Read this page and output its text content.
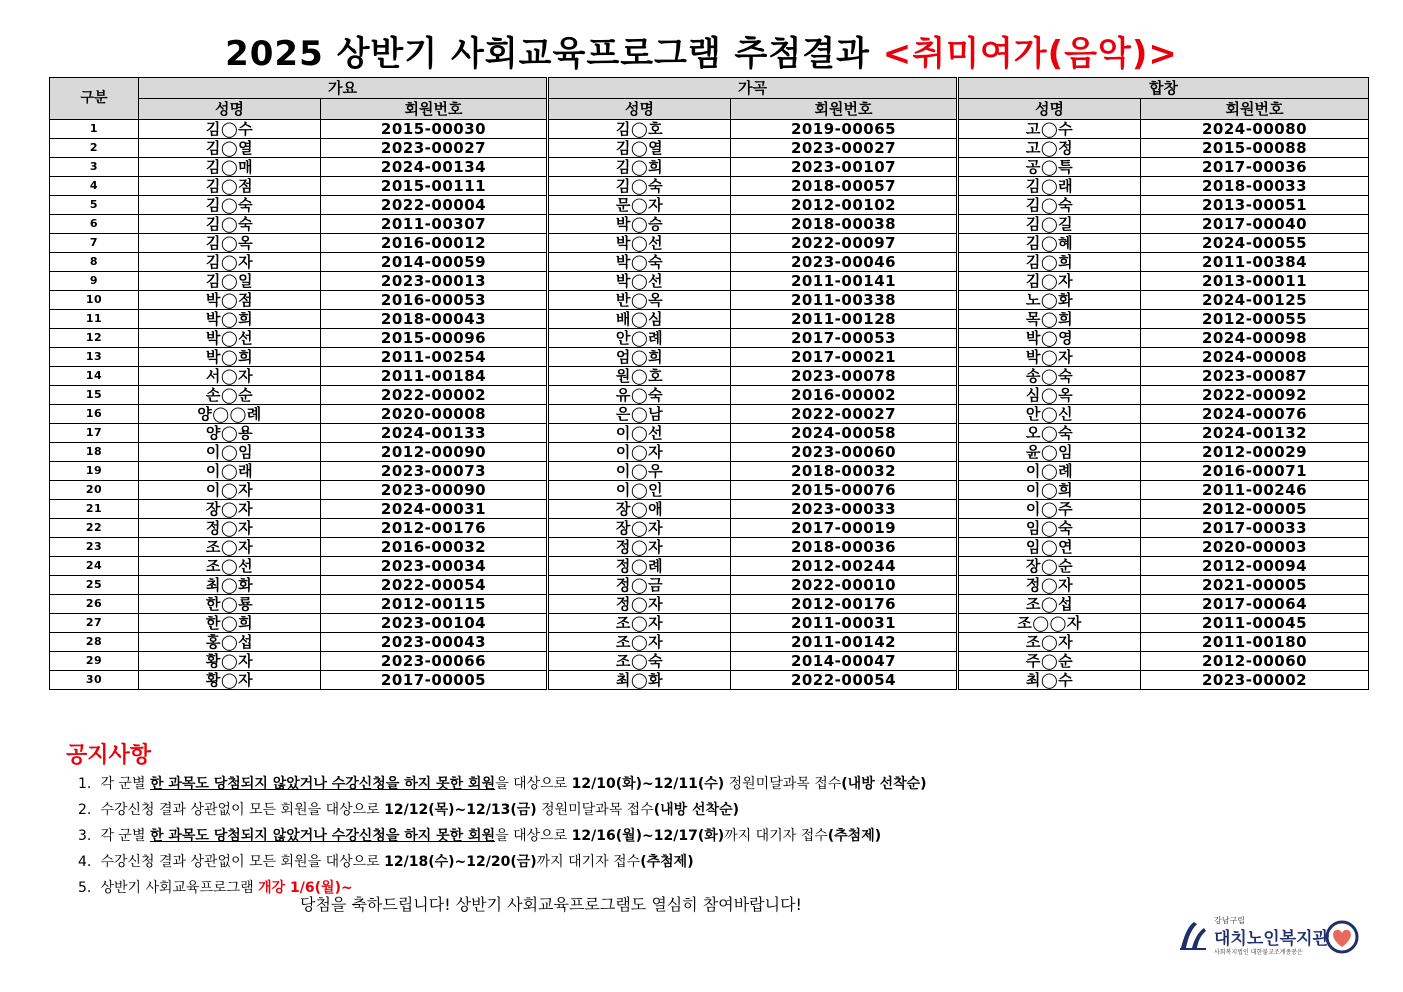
2025 상반기 사회교육프로그램 추첨결과 <취미여가(음악)>
구분	가요		가곡		합창	
	성명	회원번호	성명	회원번호	성명	회원번호
1	김◯수	2015-00030	김◯호	2019-00065	고◯수	2024-00080
2	김◯열	2023-00027	김◯열	2023-00027	고◯정	2015-00088
3	김◯매	2024-00134	김◯희	2023-00107	공◯특	2017-00036
4	김◯점	2015-00111	김◯숙	2018-00057	김◯래	2018-00033
5	김◯숙	2022-00004	문◯자	2012-00102	김◯숙	2013-00051
6	김◯숙	2011-00307	박◯승	2018-00038	김◯길	2017-00040
7	김◯옥	2016-00012	박◯선	2022-00097	김◯혜	2024-00055
8	김◯자	2014-00059	박◯숙	2023-00046	김◯희	2011-00384
9	김◯일	2023-00013	박◯선	2011-00141	김◯자	2013-00011
10	박◯점	2016-00053	반◯옥	2011-00338	노◯화	2024-00125
11	박◯희	2018-00043	배◯심	2011-00128	목◯희	2012-00055
12	박◯선	2015-00096	안◯례	2017-00053	박◯영	2024-00098
13	박◯희	2011-00254	엄◯희	2017-00021	박◯자	2024-00008
14	서◯자	2011-00184	원◯호	2023-00078	송◯숙	2023-00087
15	손◯순	2022-00002	유◯숙	2016-00002	심◯옥	2022-00092
16	양◯◯례	2020-00008	은◯남	2022-00027	안◯신	2024-00076
17	양◯용	2024-00133	이◯선	2024-00058	오◯숙	2024-00132
18	이◯임	2012-00090	이◯자	2023-00060	윤◯임	2012-00029
19	이◯래	2023-00073	이◯우	2018-00032	이◯례	2016-00071
20	이◯자	2023-00090	이◯인	2015-00076	이◯희	2011-00246
21	장◯자	2024-00031	장◯애	2023-00033	이◯주	2012-00005
22	정◯자	2012-00176	장◯자	2017-00019	임◯숙	2017-00033
23	조◯자	2016-00032	정◯자	2018-00036	임◯연	2020-00003
24	조◯선	2023-00034	정◯례	2012-00244	장◯순	2012-00094
25	최◯화	2022-00054	정◯금	2022-00010	정◯자	2021-00005
26	한◯룡	2012-00115	정◯자	2012-00176	조◯섭	2017-00064
27	한◯희	2023-00104	조◯자	2011-00031	조◯◯자	2011-00045
28	홍◯섭	2023-00043	조◯자	2011-00142	조◯자	2011-00180
29	황◯자	2023-00066	조◯숙	2014-00047	주◯순	2012-00060
30	황◯자	2017-00005	최◯화	2022-00054	최◯수	2023-00002
공지사항
1. 각 군별 한 과목도 당첨되지 않았거나 수강신청을 하지 못한 회원을 대상으로 12/10(화)~12/11(수) 정원미달과목 접수(내방 선착순)
2. 수강신청 결과 상관없이 모든 회원을 대상으로 12/12(목)~12/13(금) 정원미달과목 접수(내방 선착순)
3. 각 군별 한 과목도 당첨되지 않았거나 수강신청을 하지 못한 회원을 대상으로 12/16(월)~12/17(화)까지 대기자 접수(추첨제)
4. 수강신청 결과 상관없이 모든 회원을 대상으로 12/18(수)~12/20(금)까지 대기자 접수(추첨제)
5. 상반기 사회교육프로그램 개강 1/6(월)~
당첨을 축하드립니다! 상반기 사회교육프로그램도 열심히 참여바랍니다!
강남구립
대치노인복지관
사회복지법인 대한불교조계종봉은
